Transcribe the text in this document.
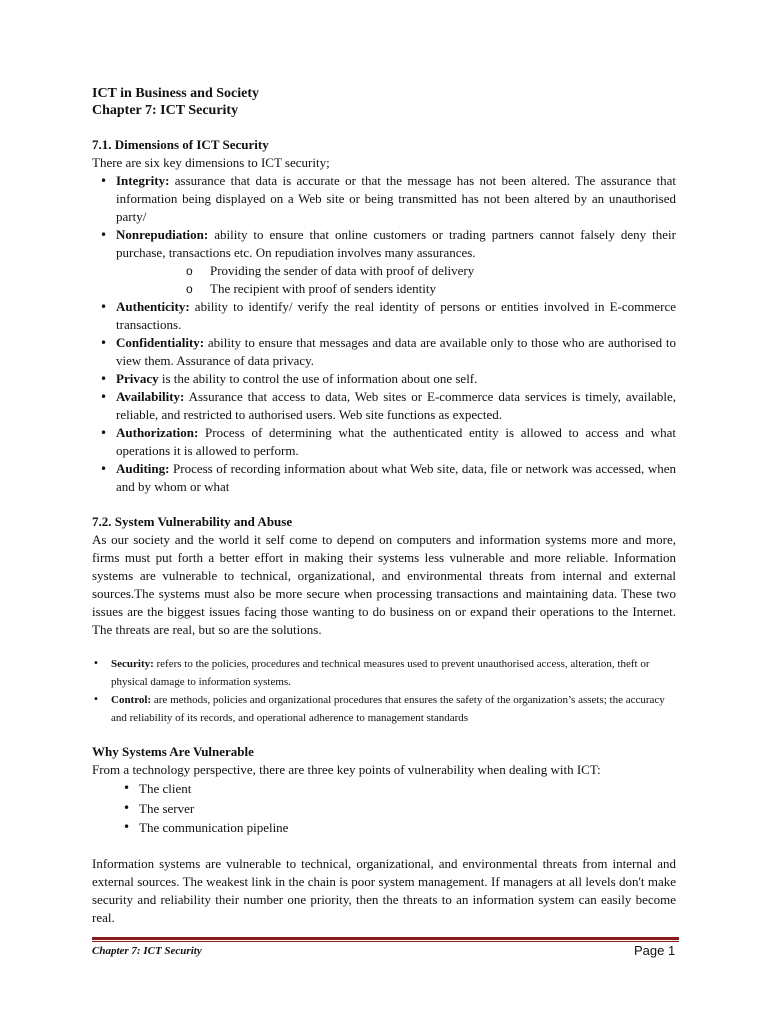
ICT in Business and Society

Chapter 7: ICT Security

7.1. Dimensions of ICT Security

There are six key dimensions to ICT security;

• Integrity: assurance that data is accurate or that the message has not been altered. The assurance that information being displayed on a Web site or being transmitted has not been altered by an unauthorised party/
• Nonrepudiation: ability to ensure that online customers or trading partners cannot falsely deny their purchase, transactions etc. On repudiation involves many assurances.
o Providing the sender of data with proof of delivery
o The recipient with proof of senders identity
• Authenticity: ability to identify/ verify the real identity of persons or entities involved in E-commerce transactions.
• Confidentiality: ability to ensure that messages and data are available only to those who are authorised to view them. Assurance of data privacy.
• Privacy is the ability to control the use of information about one self.
• Availability: Assurance that access to data, Web sites or E-commerce data services is timely, available, reliable, and restricted to authorised users. Web site functions as expected.
• Authorization: Process of determining what the authenticated entity is allowed to access and what operations it is allowed to perform.
• Auditing: Process of recording information about what Web site, data, file or network was accessed, when and by whom or what

7.2. System Vulnerability and Abuse

As our society and the world it self come to depend on computers and information systems more and more, firms must put forth a better effort in making their systems less vulnerable and more reliable. Information systems are vulnerable to technical, organizational, and environmental threats from internal and external sources.The systems must also be more secure when processing transactions and maintaining data. These two issues are the biggest issues facing those wanting to do business on or expand their operations to the Internet. The threats are real, but so are the solutions.

• Security: refers to the policies, procedures and technical measures used to prevent unauthorised access, alteration, theft or physical damage to information systems.
• Control: are methods, policies and organizational procedures that ensures the safety of the organization’s assets; the accuracy and reliability of its records, and operational adherence to management standards

Why Systems Are Vulnerable

From a technology perspective, there are three key points of vulnerability when dealing with ICT:

• The client
• The server
• The communication pipeline

Information systems are vulnerable to technical, organizational, and environmental threats from internal and external sources. The weakest link in the chain is poor system management. If managers at all levels don't make security and reliability their number one priority, then the threats to an information system can easily become real.

Chapter 7: ICT Security	Page 1
